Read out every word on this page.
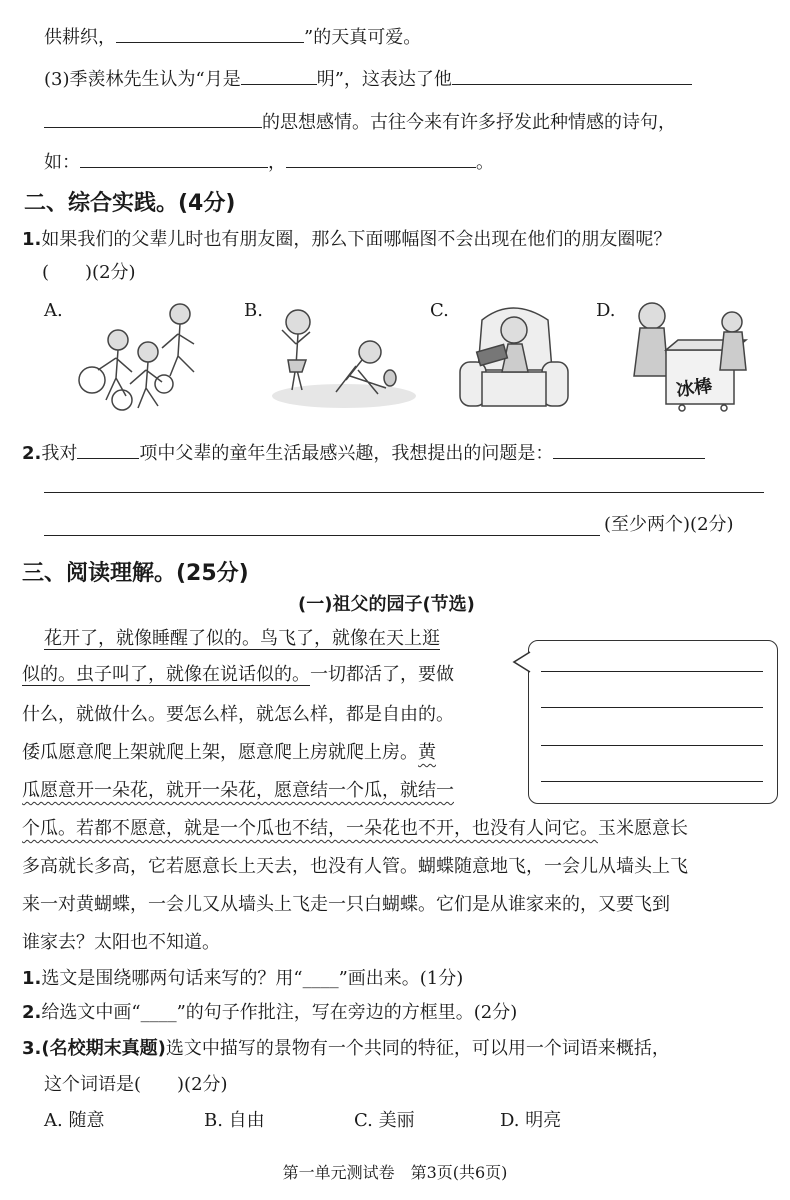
供耕织，	”的天真可爱。
(3)季羡林先生认为“月是	明”，这表达了他
的思想感情。古往今来有许多抒发此种情感的诗句，
如：	，	。
二、综合实践。(4分)
1.如果我们的父辈儿时也有朋友圈，那么下面哪幅图不会出现在他们的朋友圈呢？
(　　)(2分)
A.	B.	C.	D.
冰棒
2.我对	项中父辈的童年生活最感兴趣，我想提出的问题是：
(至少两个)(2分)
三、阅读理解。(25分)
(一)祖父的园子(节选)
花开了，就像睡醒了似的。鸟飞了，就像在天上逛
似的。虫子叫了，就像在说话似的。一切都活了，要做
什么，就做什么。要怎么样，就怎么样，都是自由的。
倭瓜愿意爬上架就爬上架，愿意爬上房就爬上房。黄
瓜愿意开一朵花，就开一朵花，愿意结一个瓜，就结一
个瓜。若都不愿意，就是一个瓜也不结，一朵花也不开，也没有人问它。玉米愿意长
多高就长多高，它若愿意长上天去，也没有人管。蝴蝶随意地飞，一会儿从墙头上飞
来一对黄蝴蝶，一会儿又从墙头上飞走一只白蝴蝶。它们是从谁家来的，又要飞到
谁家去？太阳也不知道。
1.选文是围绕哪两句话来写的？用“____”画出来。(1分)
2.给选文中画“____”的句子作批注，写在旁边的方框里。(2分)
3.(名校期末真题)选文中描写的景物有一个共同的特征，可以用一个词语来概括，
这个词语是(　　)(2分)
A. 随意	B. 自由	C. 美丽	D. 明亮
第一单元测试卷　第3页(共6页)
